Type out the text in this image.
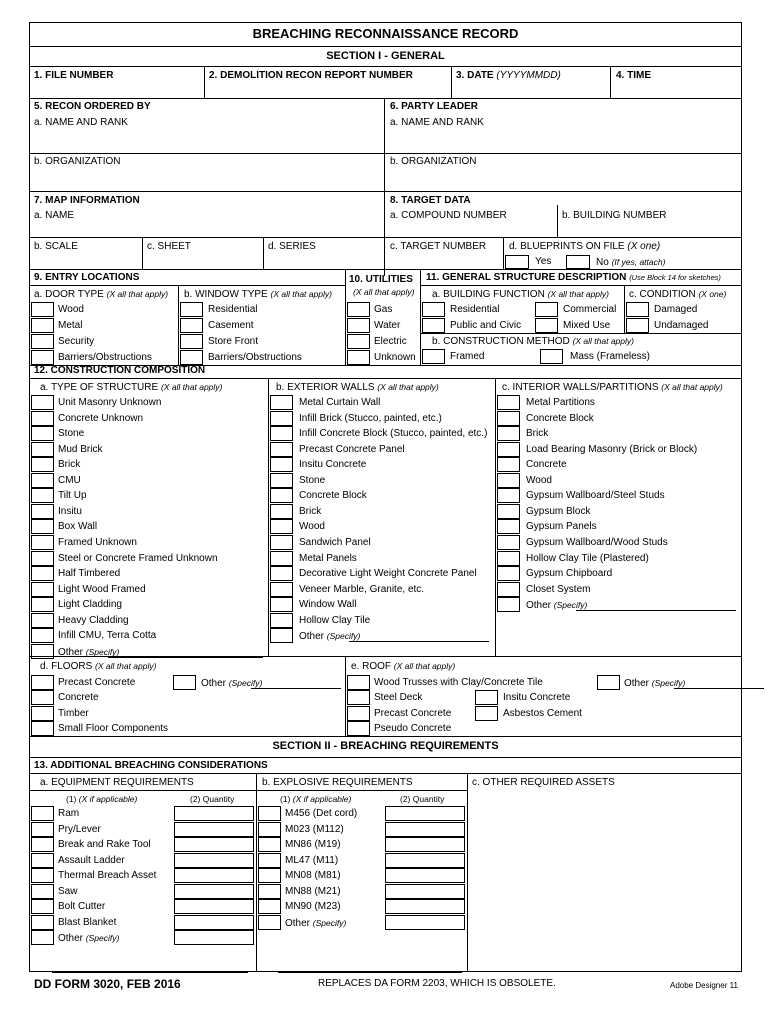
BREACHING RECONNAISSANCE RECORD
SECTION I - GENERAL
1. FILE NUMBER	2. DEMOLITION RECON REPORT NUMBER	3. DATE (YYYYMMDD)	4. TIME
5. RECON ORDERED BY
a. NAME AND RANK
b. ORGANIZATION
6. PARTY LEADER
a. NAME AND RANK
b. ORGANIZATION
7. MAP INFORMATION
a. NAME
b. SCALE	c. SHEET	d. SERIES
8. TARGET DATA
a. COMPOUND NUMBER	b. BUILDING NUMBER
c. TARGET NUMBER d. BLUEPRINTS ON FILE (X one)
Yes	No (If yes, attach)
9. ENTRY LOCATIONS
a. DOOR TYPE (X all that apply) b. WINDOW TYPE (X all that apply)
10. UTILITIES
(X all that apply)
11. GENERAL STRUCTURE DESCRIPTION (Use Block 14 for sketches)
a. BUILDING FUNCTION (X all that apply) c. CONDITION (X one)
Wood	Residential	Gas
Metal	Casement	Water
Security	Store Front	Electric
Barriers/Obstructions	Barriers/Obstructions	Unknown
Residential	Commercial	Damaged
Public and Civic	Mixed Use	Undamaged
Framed	Mass (Frameless)
b. CONSTRUCTION METHOD (X all that apply)
12. CONSTRUCTION COMPOSITION
a. TYPE OF STRUCTURE (X all that apply)	b. EXTERIOR WALLS (X all that apply)	c. INTERIOR WALLS/PARTITIONS (X all that apply)
Unit Masonry Unknown
Concrete Unknown
Stone
Mud Brick
Brick
CMU
Tilt Up
Insitu
Box Wall
Framed Unknown
Steel or Concrete Framed Unknown
Half Timbered
Light Wood Framed
Light Cladding
Heavy Cladding
Infill CMU, Terra Cotta
Other (Specify)
Metal Curtain Wall
Infill Brick (Stucco, painted, etc.)
Infill Concrete Block (Stucco, painted, etc.)
Precast Concrete Panel
Insitu Concrete
Stone
Concrete Block
Brick
Wood
Sandwich Panel
Metal Panels
Decorative Light Weight Concrete Panel
Veneer Marble, Granite, etc.
Window Wall
Hollow Clay Tile
Other (Specify)
Metal Partitions
Concrete Block
Brick
Load Bearing Masonry (Brick or Block)
Concrete
Wood
Gypsum Wallboard/Steel Studs
Gypsum Block
Gypsum Panels
Gypsum Wallboard/Wood Studs
Hollow Clay Tile (Plastered)
Gypsum Chipboard
Closet System
Other (Specify)
d. FLOORS (X all that apply)	e. ROOF (X all that apply)
Precast Concrete	Wood Trusses with Clay/Concrete Tile
Concrete	Steel Deck
Timber	Precast Concrete
Small Floor Components	Pseudo Concrete
Other (Specify)
Insitu Concrete
Asbestos Cement
Other (Specify)
SECTION II - BREACHING REQUIREMENTS
13. ADDITIONAL BREACHING CONSIDERATIONS
a. EQUIPMENT REQUIREMENTS	b. EXPLOSIVE REQUIREMENTS	c. OTHER REQUIRED ASSETS
(1) (X if applicable)	(2) Quantity	(1) (X if applicable)	(2) Quantity
Ram
Pry/Lever
Break and Rake Tool
Assault Ladder
Thermal Breach Asset
Saw
Bolt Cutter
Blast Blanket
Other (Specify)
M456 (Det cord)
M023 (M112)
MN86 (M19)
ML47 (M11)
MN08 (M81)
MN88 (M21)
MN90 (M23)
Other (Specify)
DD FORM 3020, FEB 2016	REPLACES DA FORM 2203, WHICH IS OBSOLETE.	Adobe Designer 11
